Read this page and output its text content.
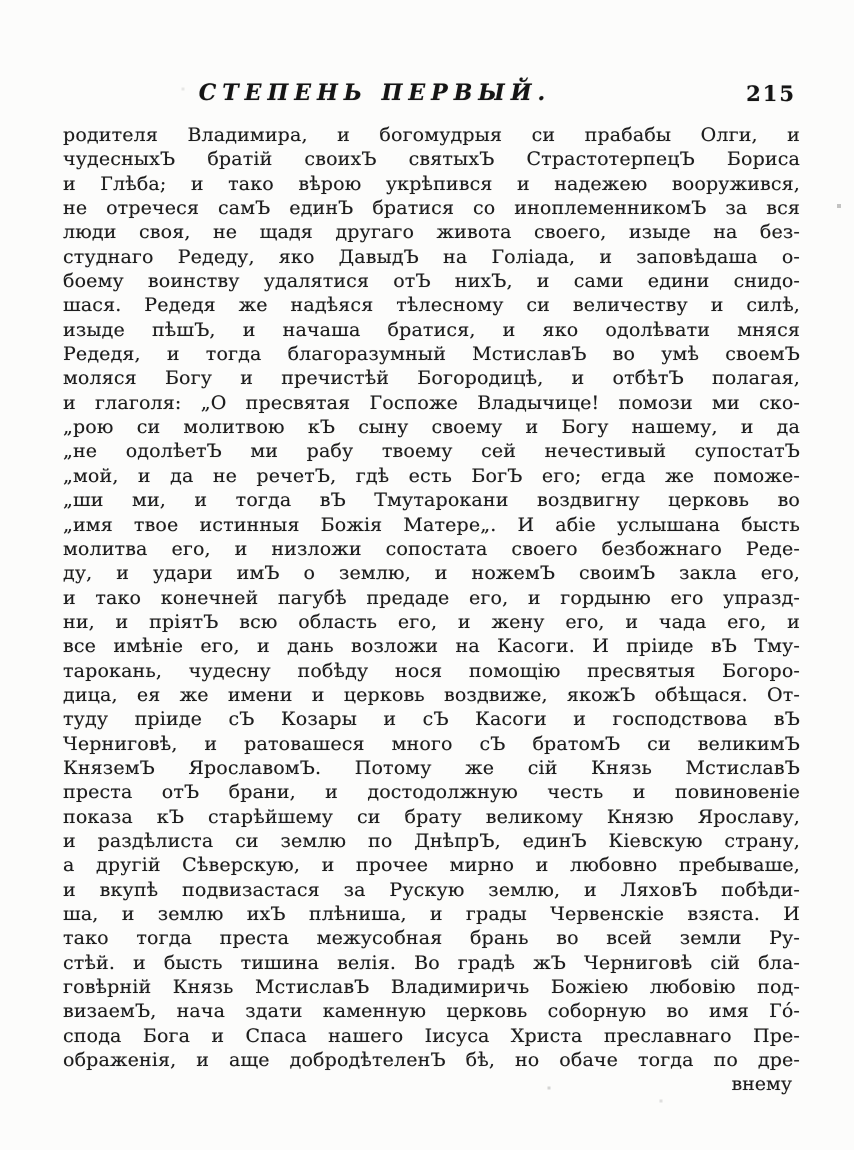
СТЕПЕНЬ ПЕРВЫЙ.	215
родителя Владимира, и богомудрыя си прабабы Олги, и
чудесныхЪ братій своихЪ святыхЪ СтрастотерпецЪ Бориса
и Глѣба; и тако вѣрою укрѣпився и надежею вооружився,
не отречеся самЪ единЪ братися со иноплеменникомЪ за вся
люди своя, не щадя другаго живота своего, изыде на без-
студнаго Редеду, яко ДавыдЪ на Голіада, и заповѣдаша о-
боему воинству удалятися отЪ нихЪ, и сами едини снидо-
шася. Редедя же надѣяся тѣлесному си величеству и силѣ,
изыде пѣшЪ, и начаша братися, и яко одолѣвати мняся
Редедя, и тогда благоразумный МстиславЪ во умѣ своемЪ
моляся Богу и пречистѣй Богородицѣ, и отбѣтЪ полагая,
и глаголя: „О пресвятая Госпоже Владычице! помози ми ско-
„рою си молитвою кЪ сыну своему и Богу нашему, и да
„не одолѣетЪ ми рабу твоему сей нечестивый супостатЪ
„мой, и да не речетЪ, гдѣ есть БогЪ его; егда же поможе-
„ши ми, и тогда вЪ Тмутарокани воздвигну церковь во
„имя твое истинныя Божія Матере„. И абіе услышана бысть
молитва его, и низложи сопостата своего безбожнаго Реде-
ду, и удари имЪ о землю, и ножемЪ своимЪ закла его,
и тако конечней пагубѣ предаде его, и гордыню его упразд-
ни, и пріятЪ всю область его, и жену его, и чада его, и
все имѣніе его, и дань возложи на Касоги. И пріиде вЪ Тму-
тарокань, чудесну побѣду нося помощію пресвятыя Богоро-
дица, ея же имени и церковь воздвиже, якожЪ обѣщася. От-
туду пріиде сЪ Козары и сЪ Касоги и господствова вЪ
Черниговѣ, и ратовашеся много сЪ братомЪ си великимЪ
КняземЪ ЯрославомЪ. Потому же сій Князь МстиславЪ
преста отЪ брани, и достодолжную честь и повиновеніе
показа кЪ старѣйшему си брату великому Князю Ярославу,
и раздѣлиста си землю по ДнѣпрЪ, единЪ Кіевскую страну,
а другій Сѣверскую, и прочее мирно и любовно пребываше,
и вкупѣ подвизастася за Рускую землю, и ЛяховЪ побѣди-
ша, и землю ихЪ плѣниша, и грады Червенскіе взяста. И
тако тогда преста межусобная брань во всей земли Ру-
стѣй. и бысть тишина велія. Во градѣ жЪ Черниговѣ сій бла-
говѣрній Князь МстиславЪ Владимиричь Божіею любовію под-
визаемЪ, нача здати каменную церковь соборную во имя Го́-
спода Бога и Спаса нашего Іисуса Христа преславнаго Пре-
ображенія, и аще добродѣтеленЪ бѣ, но обаче тогда по дре-
внему
